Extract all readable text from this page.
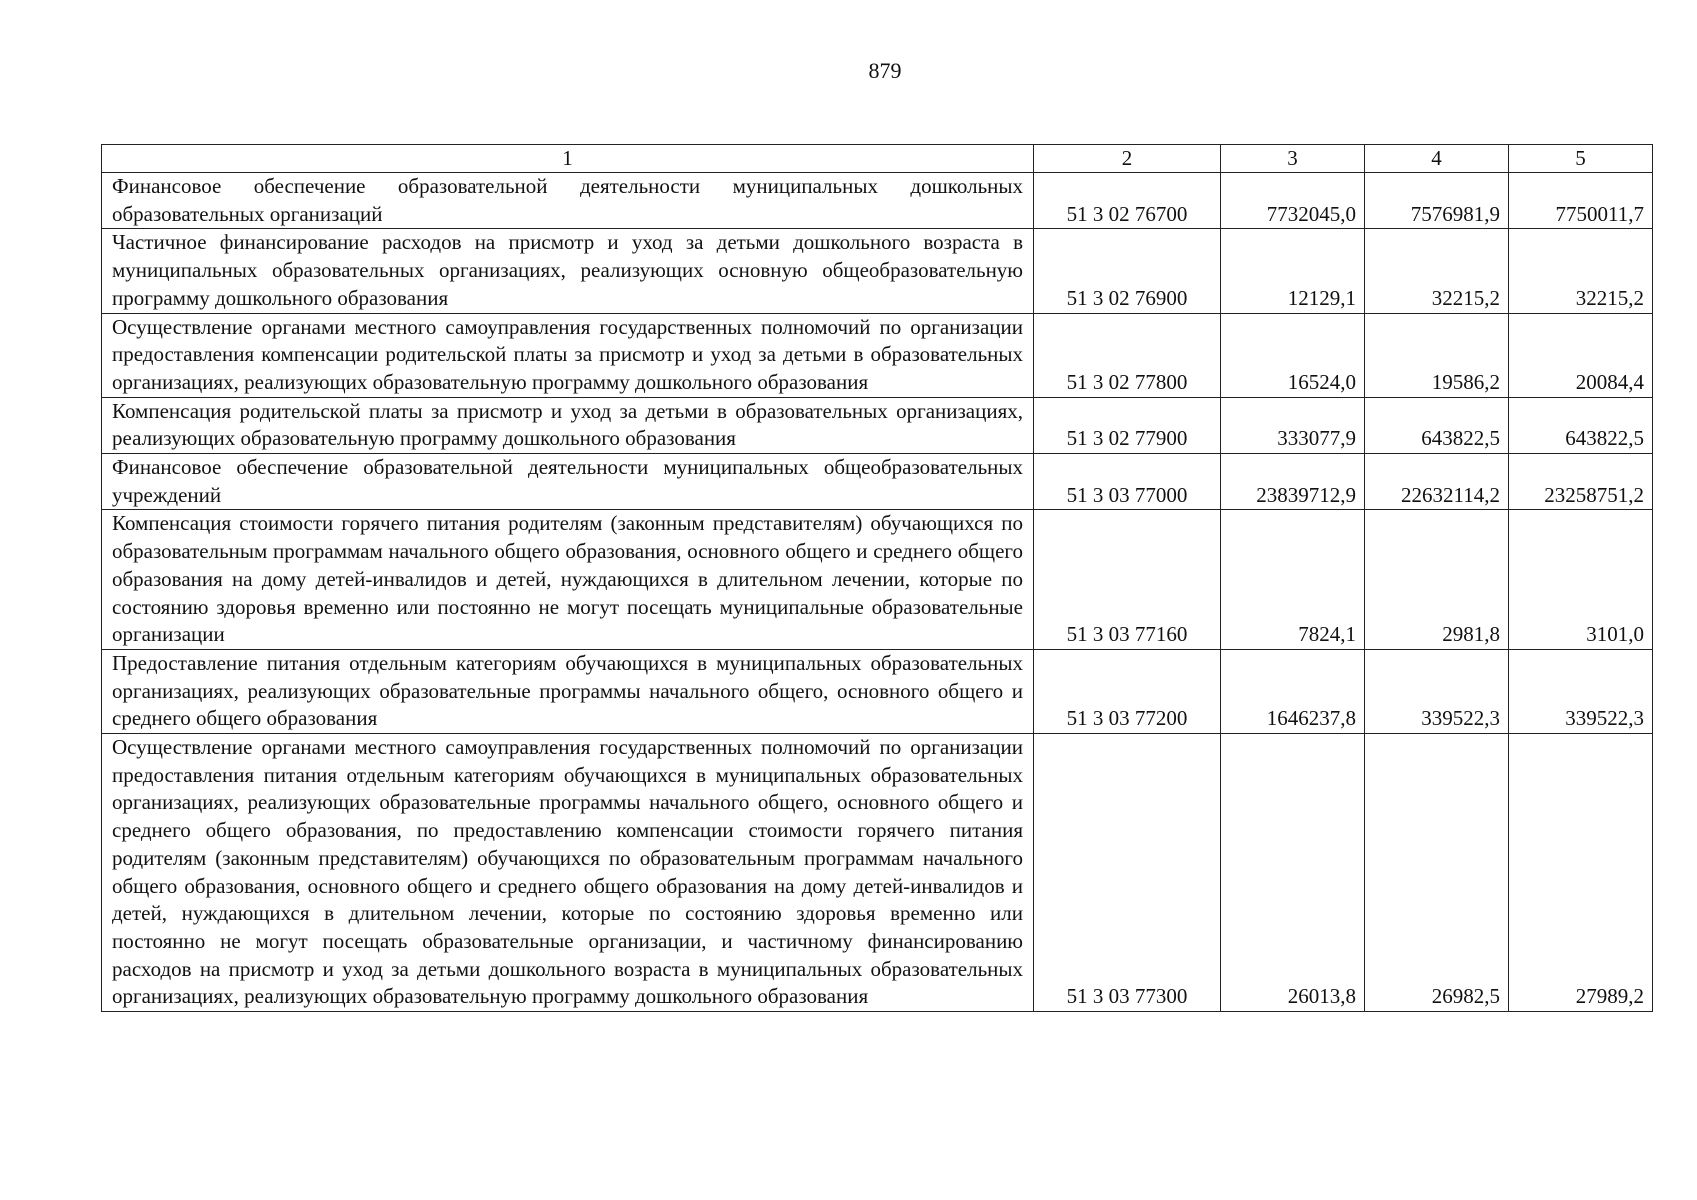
879
1	2	3	4	5
Финансовое обеспечение образовательной деятельности муниципальных дошкольных образовательных организаций	51 3 02 76700	7732045,0	7576981,9	7750011,7
Частичное финансирование расходов на присмотр и уход за детьми дошкольного возраста в муниципальных образовательных организациях, реализующих основную общеобразовательную программу дошкольного образования	51 3 02 76900	12129,1	32215,2	32215,2
Осуществление органами местного самоуправления государственных полномочий по организации предоставления компенсации родительской платы за присмотр и уход за детьми в образовательных организациях, реализующих образовательную программу дошкольного образования	51 3 02 77800	16524,0	19586,2	20084,4
Компенсация родительской платы за присмотр и уход за детьми в образовательных организациях, реализующих образовательную программу дошкольного образования	51 3 02 77900	333077,9	643822,5	643822,5
Финансовое обеспечение образовательной деятельности муниципальных общеобразовательных учреждений	51 3 03 77000	23839712,9	22632114,2	23258751,2
Компенсация стоимости горячего питания родителям (законным представителям) обучающихся по образовательным программам начального общего образования, основного общего и среднего общего образования на дому детей-инвалидов и детей, нуждающихся в длительном лечении, которые по состоянию здоровья временно или постоянно не могут посещать муниципальные образовательные организации	51 3 03 77160	7824,1	2981,8	3101,0
Предоставление питания отдельным категориям обучающихся в муниципальных образовательных организациях, реализующих образовательные программы начального общего, основного общего и среднего общего образования	51 3 03 77200	1646237,8	339522,3	339522,3
Осуществление органами местного самоуправления государственных полномочий по организации предоставления питания отдельным категориям обучающихся в муниципальных образовательных организациях, реализующих образовательные программы начального общего, основного общего и среднего общего образования, по предоставлению компенсации стоимости горячего питания родителям (законным представителям) обучающихся по образовательным программам начального общего образования, основного общего и среднего общего образования на дому детей-инвалидов и детей, нуждающихся в длительном лечении, которые по состоянию здоровья временно или постоянно не могут посещать образовательные организации, и частичному финансированию расходов на присмотр и уход за детьми дошкольного возраста в муниципальных образовательных организациях, реализующих образовательную программу дошкольного образования	51 3 03 77300	26013,8	26982,5	27989,2
